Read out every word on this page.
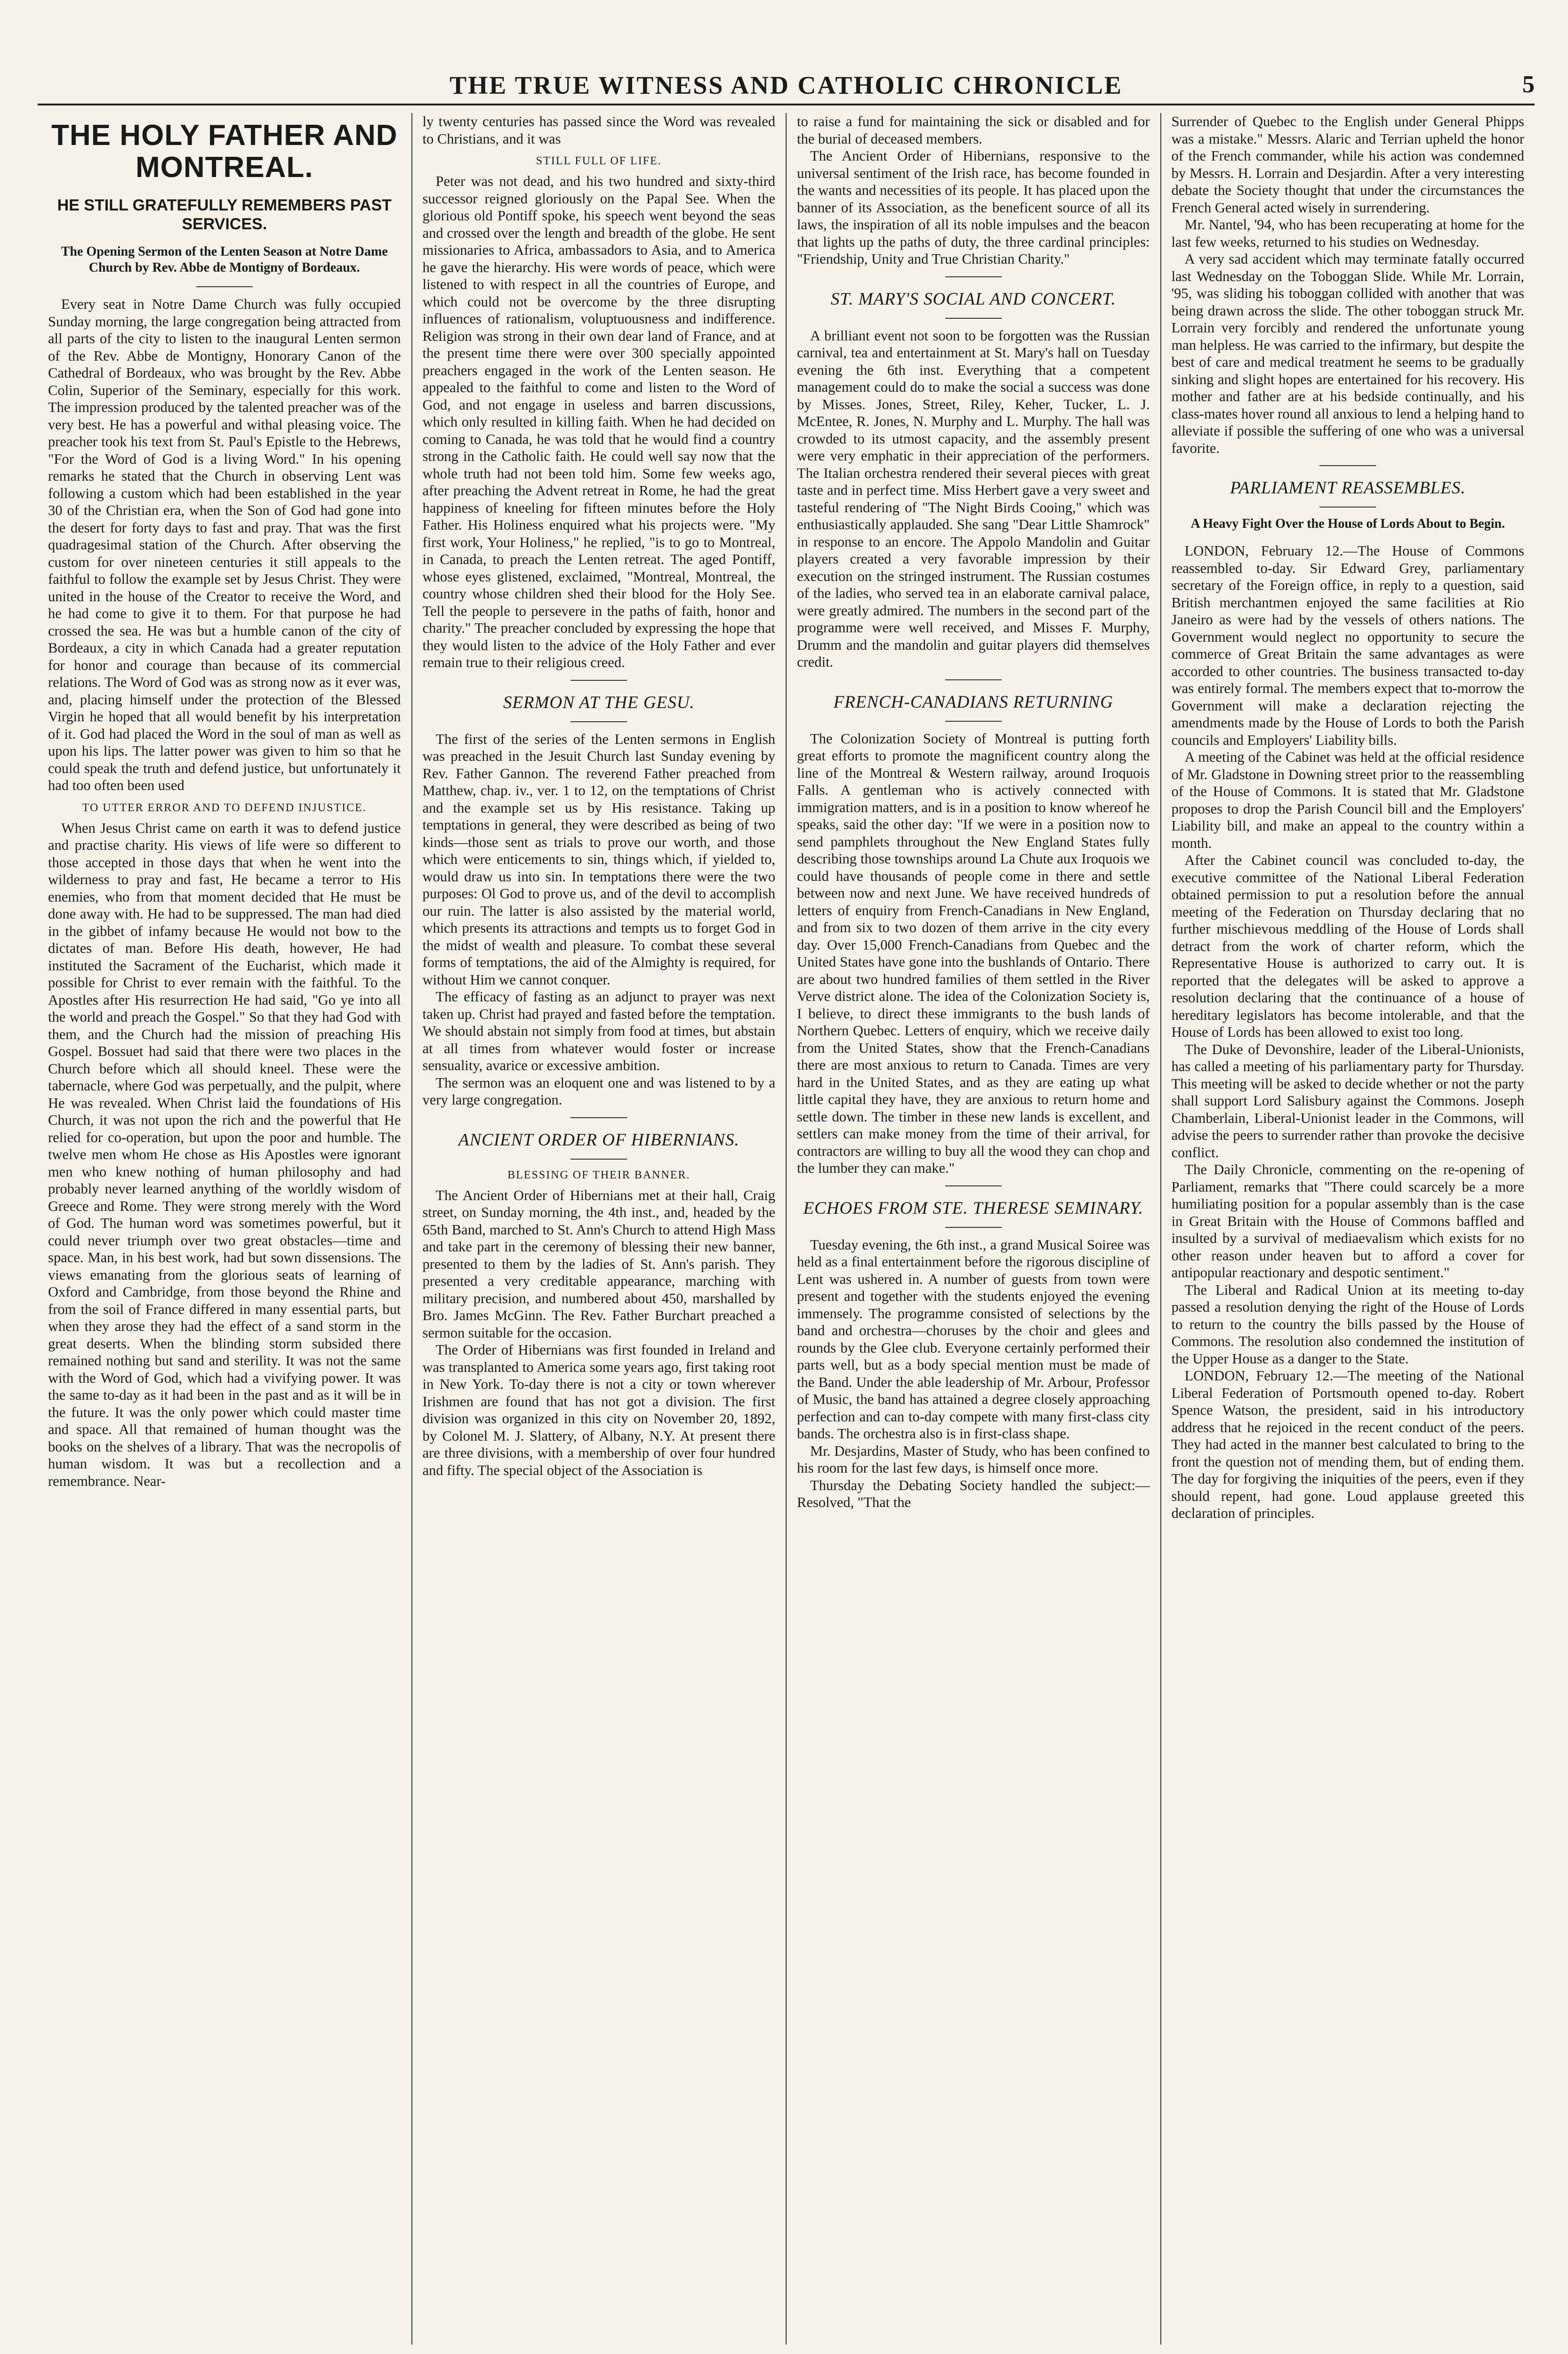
THE TRUE WITNESS AND CATHOLIC CHRONICLE	5
THE HOLY FATHER AND MONTREAL.
HE STILL GRATEFULLY REMEMBERS PAST SERVICES.
The Opening Sermon of the Lenten Season at Notre Dame Church by Rev. Abbe de Montigny of Bordeaux.

Every seat in Notre Dame Church was fully occupied Sunday morning, the large congregation being attracted from all parts of the city to listen to the inaugural Lenten sermon of the Rev. Abbe de Montigny, Honorary Canon of the Cathedral of Bordeaux, who was brought by the Rev. Abbe Colin, Superior of the Seminary, especially for this work. The impression produced by the talented preacher was of the very best. He has a powerful and withal pleasing voice. The preacher took his text from St. Paul's Epistle to the Hebrews, "For the Word of God is a living Word." In his opening remarks he stated that the Church in observing Lent was following a custom which had been established in the year 30 of the Christian era, when the Son of God had gone into the desert for forty days to fast and pray. That was the first quadragesimal station of the Church. After observing the custom for over nineteen centuries it still appeals to the faithful to follow the example set by Jesus Christ. They were united in the house of the Creator to receive the Word, and he had come to give it to them. For that purpose he had crossed the sea. He was but a humble canon of the city of Bordeaux, a city in which Canada had a greater reputation for honor and courage than because of its commercial relations. The Word of God was as strong now as it ever was, and, placing himself under the protection of the Blessed Virgin he hoped that all would benefit by his interpretation of it. God had placed the Word in the soul of man as well as upon his lips. The latter power was given to him so that he could speak the truth and defend justice, but unfortunately it had too often been used

TO UTTER ERROR AND TO DEFEND INJUSTICE.

When Jesus Christ came on earth it was to defend justice and practise charity. His views of life were so different to those accepted in those days that when he went into the wilderness to pray and fast, He became a terror to His enemies, who from that moment decided that He must be done away with. He had to be suppressed. The man had died in the gibbet of infamy because He would not bow to the dictates of man. Before His death, however, He had instituted the Sacrament of the Eucharist, which made it possible for Christ to ever remain with the faithful. To the Apostles after His resurrection He had said, "Go ye into all the world and preach the Gospel." So that they had God with them, and the Church had the mission of preaching His Gospel. Bossuet had said that there were two places in the Church before which all should kneel. These were the tabernacle, where God was perpetually, and the pulpit, where He was revealed. When Christ laid the foundations of His Church, it was not upon the rich and the powerful that He relied for co-operation, but upon the poor and humble. The twelve men whom He chose as His Apostles were ignorant men who knew nothing of human philosophy and had probably never learned anything of the worldly wisdom of Greece and Rome. They were strong merely with the Word of God. The human word was sometimes powerful, but it could never triumph over two great obstacles—time and space. Man, in his best work, had but sown dissensions. The views emanating from the glorious seats of learning of Oxford and Cambridge, from those beyond the Rhine and from the soil of France differed in many essential parts, but when they arose they had the effect of a sand storm in the great deserts. When the blinding storm subsided there remained nothing but sand and sterility. It was not the same with the Word of God, which had a vivifying power. It was the same to-day as it had been in the past and as it will be in the future. It was the only power which could master time and space. All that remained of human thought was the books on the shelves of a library. That was the necropolis of human wisdom. It was but a recollection and a remembrance. Near-

ly twenty centuries has passed since the Word was revealed to Christians, and it was

STILL FULL OF LIFE.

Peter was not dead, and his two hundred and sixty-third successor reigned gloriously on the Papal See. When the glorious old Pontiff spoke, his speech went beyond the seas and crossed over the length and breadth of the globe. He sent missionaries to Africa, ambassadors to Asia, and to America he gave the hierarchy. His were words of peace, which were listened to with respect in all the countries of Europe, and which could not be overcome by the three disrupting influences of rationalism, voluptuousness and indifference. Religion was strong in their own dear land of France, and at the present time there were over 300 specially appointed preachers engaged in the work of the Lenten season. He appealed to the faithful to come and listen to the Word of God, and not engage in useless and barren discussions, which only resulted in killing faith. When he had decided on coming to Canada, he was told that he would find a country strong in the Catholic faith. He could well say now that the whole truth had not been told him. Some few weeks ago, after preaching the Advent retreat in Rome, he had the great happiness of kneeling for fifteen minutes before the Holy Father. His Holiness enquired what his projects were. "My first work, Your Holiness," he replied, "is to go to Montreal, in Canada, to preach the Lenten retreat. The aged Pontiff, whose eyes glistened, exclaimed, "Montreal, Montreal, the country whose children shed their blood for the Holy See. Tell the people to persevere in the paths of faith, honor and charity." The preacher concluded by expressing the hope that they would listen to the advice of the Holy Father and ever remain true to their religious creed.

SERMON AT THE GESU.

The first of the series of the Lenten sermons in English was preached in the Jesuit Church last Sunday evening by Rev. Father Gannon. The reverend Father preached from Matthew, chap. iv., ver. 1 to 12, on the temptations of Christ and the example set us by His resistance. Taking up temptations in general, they were described as being of two kinds—those sent as trials to prove our worth, and those which were enticements to sin, things which, if yielded to, would draw us into sin. In temptations there were the two purposes: Ol God to prove us, and of the devil to accomplish our ruin. The latter is also assisted by the material world, which presents its attractions and tempts us to forget God in the midst of wealth and pleasure. To combat these several forms of temptations, the aid of the Almighty is required, for without Him we cannot conquer.

The efficacy of fasting as an adjunct to prayer was next taken up. Christ had prayed and fasted before the temptation. We should abstain not simply from food at times, but abstain at all times from whatever would foster or increase sensuality, avarice or excessive ambition.

The sermon was an eloquent one and was listened to by a very large congregation.

ANCIENT ORDER OF HIBERNIANS.
BLESSING OF THEIR BANNER.

The Ancient Order of Hibernians met at their hall, Craig street, on Sunday morning, the 4th inst., and, headed by the 65th Band, marched to St. Ann's Church to attend High Mass and take part in the ceremony of blessing their new banner, presented to them by the ladies of St. Ann's parish. They presented a very creditable appearance, marching with military precision, and numbered about 450, marshalled by Bro. James McGinn. The Rev. Father Burchart preached a sermon suitable for the occasion.

The Order of Hibernians was first founded in Ireland and was transplanted to America some years ago, first taking root in New York. To-day there is not a city or town wherever Irishmen are found that has not got a division. The first division was organized in this city on November 20, 1892, by Colonel M. J. Slattery, of Albany, N.Y. At present there are three divisions, with a membership of over four hundred and fifty. The special object of the Association is

to raise a fund for maintaining the sick or disabled and for the burial of deceased members.

The Ancient Order of Hibernians, responsive to the universal sentiment of the Irish race, has become founded in the wants and necessities of its people. It has placed upon the banner of its Association, as the beneficent source of all its laws, the inspiration of all its noble impulses and the beacon that lights up the paths of duty, the three cardinal principles: "Friendship, Unity and True Christian Charity."

ST. MARY'S SOCIAL AND CONCERT.

A brilliant event not soon to be forgotten was the Russian carnival, tea and entertainment at St. Mary's hall on Tuesday evening the 6th inst. Everything that a competent management could do to make the social a success was done by Misses. Jones, Street, Riley, Keher, Tucker, L. J. McEntee, R. Jones, N. Murphy and L. Murphy. The hall was crowded to its utmost capacity, and the assembly present were very emphatic in their appreciation of the performers. The Italian orchestra rendered their several pieces with great taste and in perfect time. Miss Herbert gave a very sweet and tasteful rendering of "The Night Birds Cooing," which was enthusiastically applauded. She sang "Dear Little Shamrock" in response to an encore. The Appolo Mandolin and Guitar players created a very favorable impression by their execution on the stringed instrument. The Russian costumes of the ladies, who served tea in an elaborate carnival palace, were greatly admired. The numbers in the second part of the programme were well received, and Misses F. Murphy, Drumm and the mandolin and guitar players did themselves credit.

FRENCH-CANADIANS RETURNING

The Colonization Society of Montreal is putting forth great efforts to promote the magnificent country along the line of the Montreal & Western railway, around Iroquois Falls. A gentleman who is actively connected with immigration matters, and is in a position to know whereof he speaks, said the other day: "If we were in a position now to send pamphlets throughout the New England States fully describing those townships around La Chute aux Iroquois we could have thousands of people come in there and settle between now and next June. We have received hundreds of letters of enquiry from French-Canadians in New England, and from six to two dozen of them arrive in the city every day. Over 15,000 French-Canadians from Quebec and the United States have gone into the bushlands of Ontario. There are about two hundred families of them settled in the River Verve district alone. The idea of the Colonization Society is, I believe, to direct these immigrants to the bush lands of Northern Quebec. Letters of enquiry, which we receive daily from the United States, show that the French-Canadians there are most anxious to return to Canada. Times are very hard in the United States, and as they are eating up what little capital they have, they are anxious to return home and settle down. The timber in these new lands is excellent, and settlers can make money from the time of their arrival, for contractors are willing to buy all the wood they can chop and the lumber they can make."

ECHOES FROM STE. THERESE SEMINARY.

Tuesday evening, the 6th inst., a grand Musical Soiree was held as a final entertainment before the rigorous discipline of Lent was ushered in. A number of guests from town were present and together with the students enjoyed the evening immensely. The programme consisted of selections by the band and orchestra—choruses by the choir and glees and rounds by the Glee club. Everyone certainly performed their parts well, but as a body special mention must be made of the Band. Under the able leadership of Mr. Arbour, Professor of Music, the band has attained a degree closely approaching perfection and can to-day compete with many first-class city bands. The orchestra also is in first-class shape.

Mr. Desjardins, Master of Study, who has been confined to his room for the last few days, is himself once more.

Thursday the Debating Society handled the subject:—Resolved, "That the

Surrender of Quebec to the English under General Phipps was a mistake." Messrs. Alaric and Terrian upheld the honor of the French commander, while his action was condemned by Messrs. H. Lorrain and Desjardin. After a very interesting debate the Society thought that under the circumstances the French General acted wisely in surrendering.

Mr. Nantel, '94, who has been recuperating at home for the last few weeks, returned to his studies on Wednesday.

A very sad accident which may terminate fatally occurred last Wednesday on the Toboggan Slide. While Mr. Lorrain, '95, was sliding his toboggan collided with another that was being drawn across the slide. The other toboggan struck Mr. Lorrain very forcibly and rendered the unfortunate young man helpless. He was carried to the infirmary, but despite the best of care and medical treatment he seems to be gradually sinking and slight hopes are entertained for his recovery. His mother and father are at his bedside continually, and his class-mates hover round all anxious to lend a helping hand to alleviate if possible the suffering of one who was a universal favorite.

PARLIAMENT REASSEMBLES.
A Heavy Fight Over the House of Lords About to Begin.

LONDON, February 12.—The House of Commons reassembled to-day. Sir Edward Grey, parliamentary secretary of the Foreign office, in reply to a question, said British merchantmen enjoyed the same facilities at Rio Janeiro as were had by the vessels of others nations. The Government would neglect no opportunity to secure the commerce of Great Britain the same advantages as were accorded to other countries. The business transacted to-day was entirely formal. The members expect that to-morrow the Government will make a declaration rejecting the amendments made by the House of Lords to both the Parish councils and Employers' Liability bills.

A meeting of the Cabinet was held at the official residence of Mr. Gladstone in Downing street prior to the reassembling of the House of Commons. It is stated that Mr. Gladstone proposes to drop the Parish Council bill and the Employers' Liability bill, and make an appeal to the country within a month.

After the Cabinet council was concluded to-day, the executive committee of the National Liberal Federation obtained permission to put a resolution before the annual meeting of the Federation on Thursday declaring that no further mischievous meddling of the House of Lords shall detract from the work of charter reform, which the Representative House is authorized to carry out. It is reported that the delegates will be asked to approve a resolution declaring that the continuance of a house of hereditary legislators has become intolerable, and that the House of Lords has been allowed to exist too long.

The Duke of Devonshire, leader of the Liberal-Unionists, has called a meeting of his parliamentary party for Thursday. This meeting will be asked to decide whether or not the party shall support Lord Salisbury against the Commons. Joseph Chamberlain, Liberal-Unionist leader in the Commons, will advise the peers to surrender rather than provoke the decisive conflict.

The Daily Chronicle, commenting on the re-opening of Parliament, remarks that "There could scarcely be a more humiliating position for a popular assembly than is the case in Great Britain with the House of Commons baffled and insulted by a survival of mediaevalism which exists for no other reason under heaven but to afford a cover for antipopular reactionary and despotic sentiment."

The Liberal and Radical Union at its meeting to-day passed a resolution denying the right of the House of Lords to return to the country the bills passed by the House of Commons. The resolution also condemned the institution of the Upper House as a danger to the State.

LONDON, February 12.—The meeting of the National Liberal Federation of Portsmouth opened to-day. Robert Spence Watson, the president, said in his introductory address that he rejoiced in the recent conduct of the peers. They had acted in the manner best calculated to bring to the front the question not of mending them, but of ending them. The day for forgiving the iniquities of the peers, even if they should repent, had gone. Loud applause greeted this declaration of principles.
